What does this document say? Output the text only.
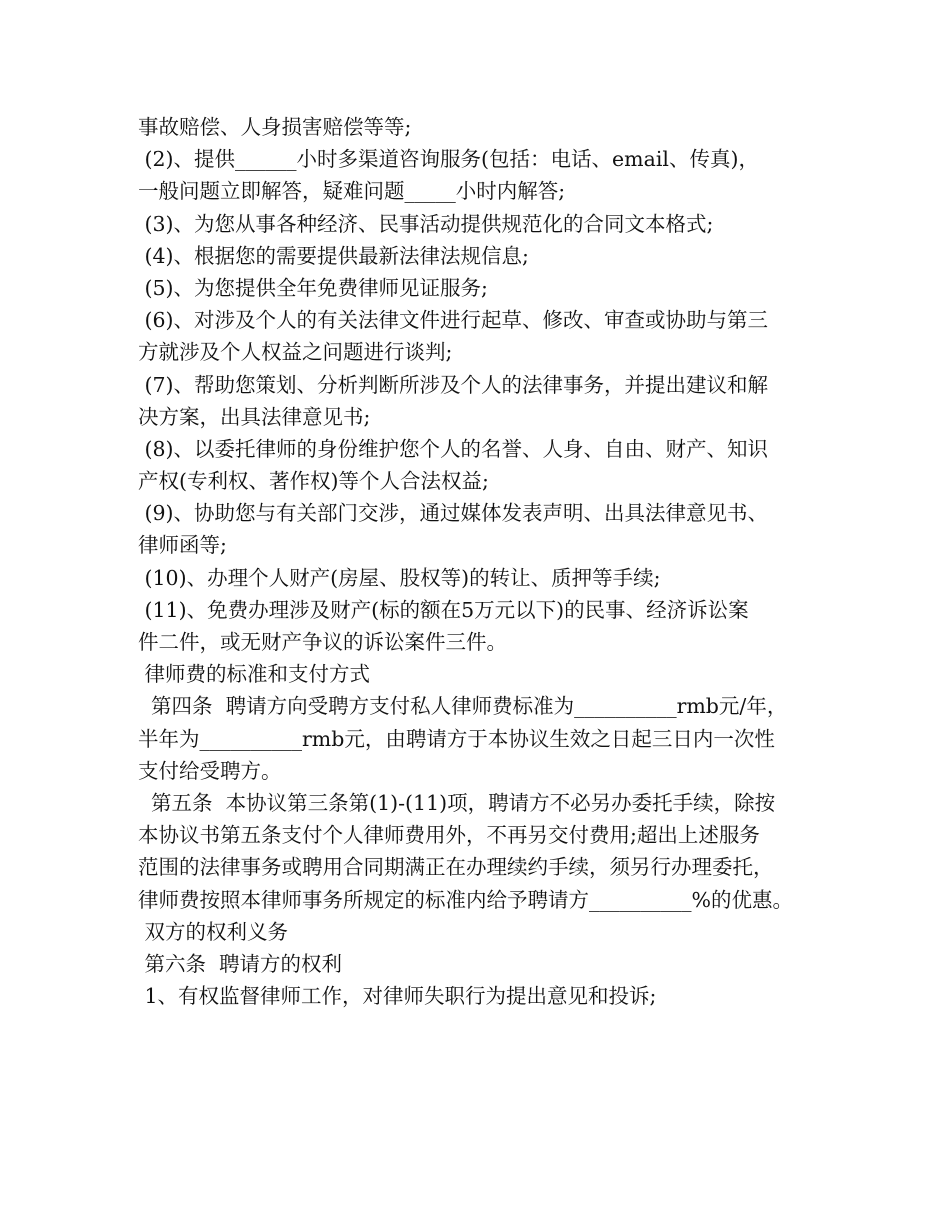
事故赔偿、人身损害赔偿等等;
(2)、提供______小时多渠道咨询服务(包括：电话、email、传真)，
一般问题立即解答，疑难问题_____小时内解答;
(3)、为您从事各种经济、民事活动提供规范化的合同文本格式;
(4)、根据您的需要提供最新法律法规信息;
(5)、为您提供全年免费律师见证服务;
(6)、对涉及个人的有关法律文件进行起草、修改、审查或协助与第三
方就涉及个人权益之问题进行谈判;
(7)、帮助您策划、分析判断所涉及个人的法律事务，并提出建议和解
决方案，出具法律意见书;
(8)、以委托律师的身份维护您个人的名誉、人身、自由、财产、知识
产权(专利权、著作权)等个人合法权益;
(9)、协助您与有关部门交涉，通过媒体发表声明、出具法律意见书、
律师函等;
(10)、办理个人财产(房屋、股权等)的转让、质押等手续;
(11)、免费办理涉及财产(标的额在5万元以下)的民事、经济诉讼案
件二件，或无财产争议的诉讼案件三件。
律师费的标准和支付方式
第四条  聘请方向受聘方支付私人律师费标准为__________rmb元/年，
半年为__________rmb元，由聘请方于本协议生效之日起三日内一次性
支付给受聘方。
第五条  本协议第三条第(1)-(11)项，聘请方不必另办委托手续，除按
本协议书第五条支付个人律师费用外，不再另交付费用;超出上述服务
范围的法律事务或聘用合同期满正在办理续约手续，须另行办理委托，
律师费按照本律师事务所规定的标准内给予聘请方__________%的优惠。
双方的权利义务
第六条  聘请方的权利
1、有权监督律师工作，对律师失职行为提出意见和投诉;
